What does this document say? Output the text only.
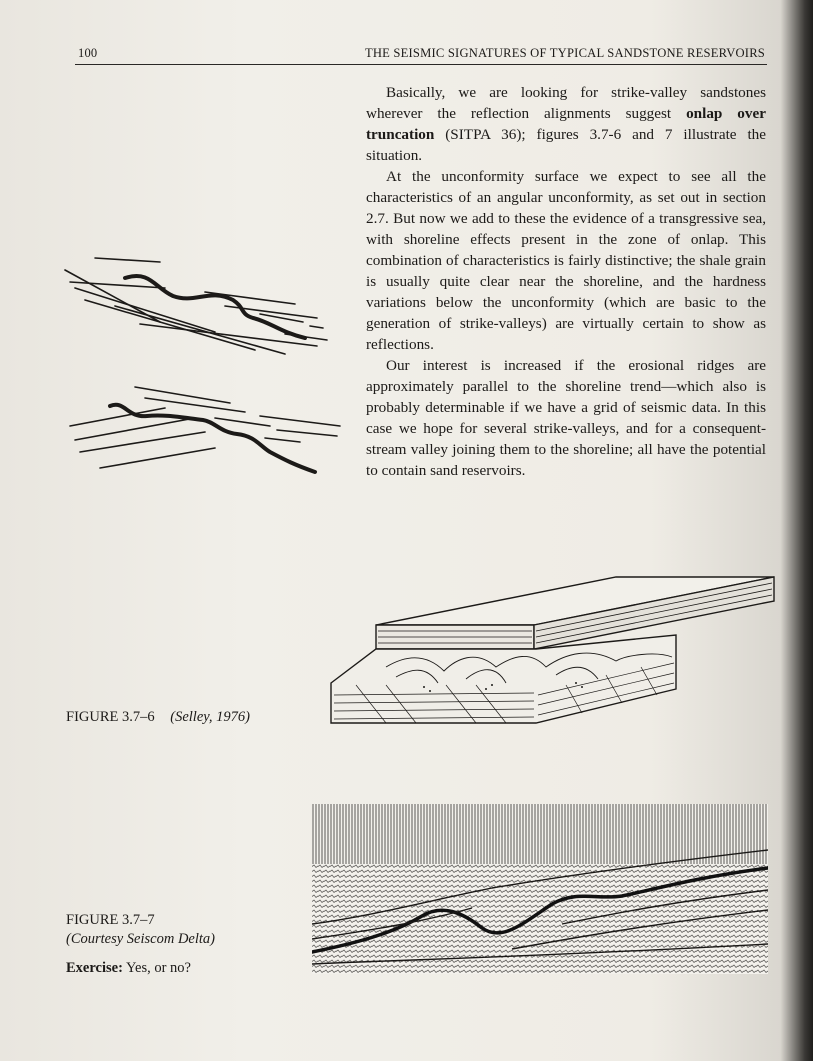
100	THE SEISMIC SIGNATURES OF TYPICAL SANDSTONE RESERVOIRS

Basically, we are looking for strike-valley sandstones wherever the reflection alignments suggest onlap over truncation (SITPA 36); figures 3.7-6 and 7 illustrate the situation.

At the unconformity surface we expect to see all the characteristics of an angular unconformity, as set out in section 2.7. But now we add to these the evidence of a transgressive sea, with shoreline effects present in the zone of onlap. This combination of characteristics is fairly distinctive; the shale grain is usually quite clear near the shoreline, and the hardness variations below the unconformity (which are basic to the generation of strike-valleys) are virtually certain to show as reflections.

Our interest is increased if the erosional ridges are approximately parallel to the shoreline trend—which also is probably determinable if we have a grid of seismic data. In this case we hope for several strike-valleys, and for a consequent-stream valley joining them to the shoreline; all have the potential to contain sand reservoirs.

FIGURE 3.7–6 (Selley, 1976)
FIGURE 3.7–7
(Courtesy Seiscom Delta)
Exercise: Yes, or no?
